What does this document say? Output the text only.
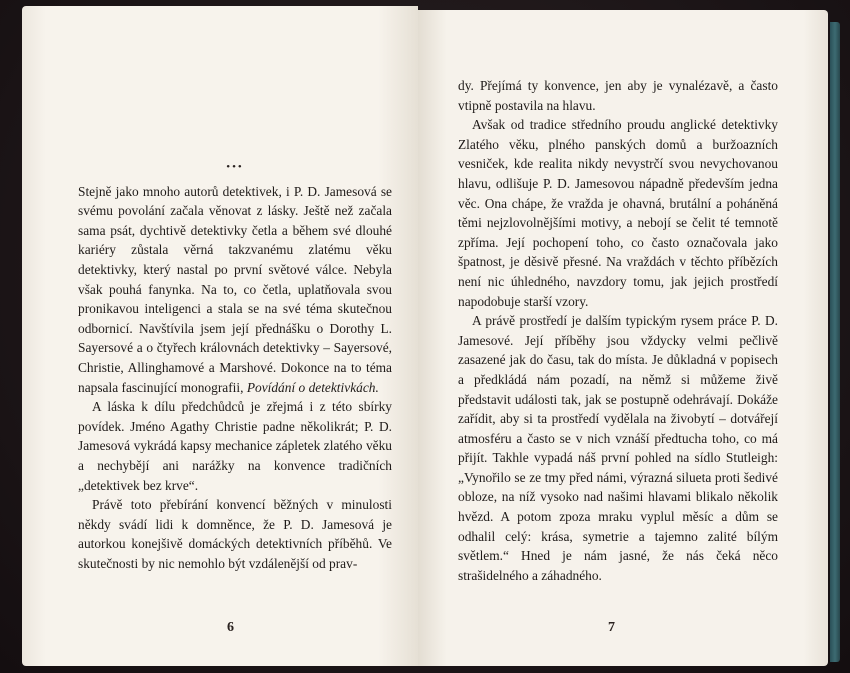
•••

Stejně jako mnoho autorů detektivek, i P. D. Jamesová se svému povolání začala věnovat z lásky. Ještě než začala sama psát, dychtivě detektivky četla a během své dlouhé kariéry zůstala věrná takzvanému zlatému věku detektivky, který nastal po první světové válce. Nebyla však pouhá fanynka. Na to, co četla, uplatňovala svou pronikavou inteligenci a stala se na své téma skutečnou odbornicí. Navštívila jsem její přednášku o Dorothy L. Sayersové a o čtyřech královnách detektivky – Sayersové, Christie, Allinghamové a Marshové. Dokonce na to téma napsala fascinující monografii, Povídání o detektivkách.

A láska k dílu předchůdců je zřejmá i z této sbírky povídek. Jméno Agathy Christie padne několikrát; P. D. Jamesová vykrádá kapsy mechanice zápletek zlatého věku a nechybějí ani narážky na konvence tradičních „detektivek bez krve“.

Právě toto přebírání konvencí běžných v minulosti někdy svádí lidi k domněnce, že P. D. Jamesová je autorkou konejšivě domáckých detektivních příběhů. Ve skutečnosti by nic nemohlo být vzdálenější od prav-

6

dy. Přejímá ty konvence, jen aby je vynalézavě, a často vtipně postavila na hlavu.

Avšak od tradice středního proudu anglické detektivky Zlatého věku, plného panských domů a buržoazních vesniček, kde realita nikdy nevystrčí svou nevychovanou hlavu, odlišuje P. D. Jamesovou nápadně především jedna věc. Ona chápe, že vražda je ohavná, brutální a poháněná těmi nejzlovolnějšími motivy, a nebojí se čelit té temnotě zpříma. Její pochopení toho, co často označovala jako špatnost, je děsivě přesné. Na vraždách v těchto příbězích není nic úhledného, navzdory tomu, jak jejich prostředí napodobuje starší vzory.

A právě prostředí je dalším typickým rysem práce P. D. Jamesové. Její příběhy jsou vždycky velmi pečlivě zasazené jak do času, tak do místa. Je důkladná v popisech a předkládá nám pozadí, na němž si můžeme živě představit události tak, jak se postupně odehrávají. Dokáže zařídit, aby si ta prostředí vydělala na živobytí – dotvářejí atmosféru a často se v nich vznáší předtucha toho, co má přijít. Takhle vypadá náš první pohled na sídlo Stutleigh: „Vynořilo se ze tmy před námi, výrazná silueta proti šedivé obloze, na níž vysoko nad našimi hlavami blikalo několik hvězd. A potom zpoza mraku vyplul měsíc a dům se odhalil celý: krása, symetrie a tajemno zalité bílým světlem.“ Hned je nám jasné, že nás čeká něco strašidelného a záhadného.

7
